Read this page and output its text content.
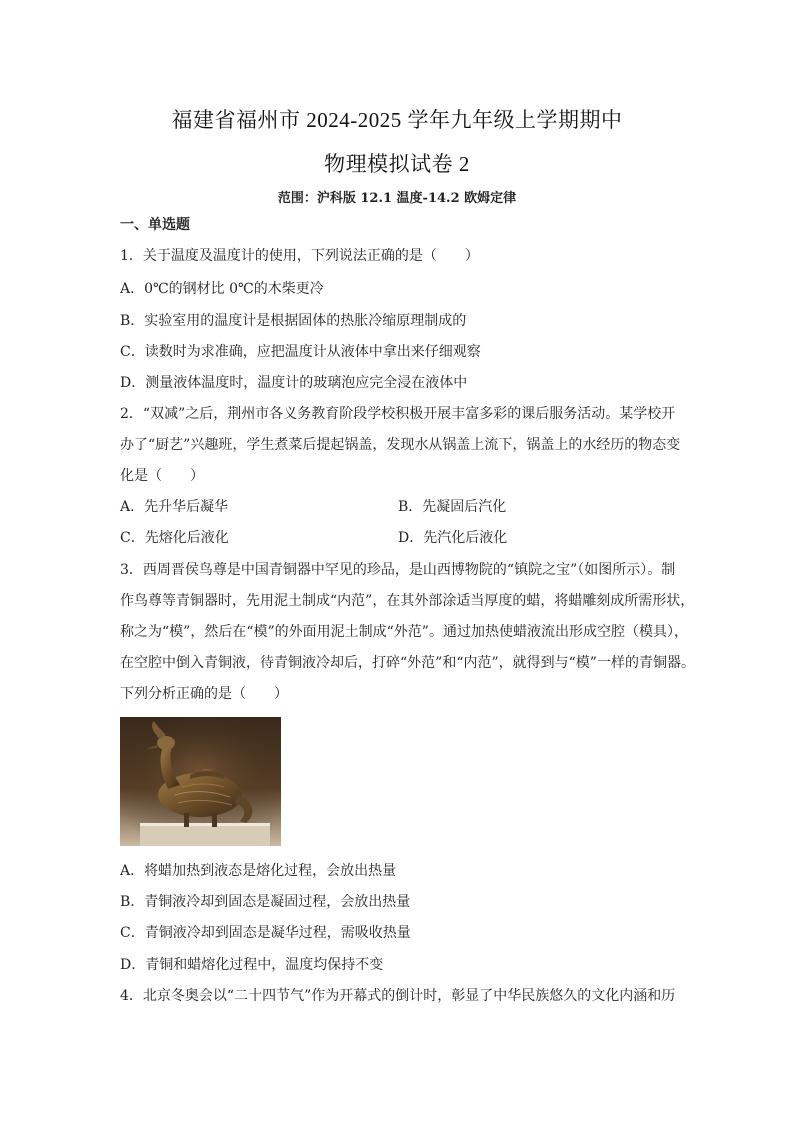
福建省福州市 2024-2025 学年九年级上学期期中
物理模拟试卷 2
范围：沪科版 12.1 温度-14.2 欧姆定律
一、单选题
1．关于温度及温度计的使用，下列说法正确的是（　　）
A．0℃的钢材比 0℃的木柴更冷
B．实验室用的温度计是根据固体的热胀冷缩原理制成的
C．读数时为求准确，应把温度计从液体中拿出来仔细观察
D．测量液体温度时，温度计的玻璃泡应完全浸在液体中
2．“双减”之后，荆州市各义务教育阶段学校积极开展丰富多彩的课后服务活动。某学校开
办了“厨艺”兴趣班，学生煮菜后提起锅盖，发现水从锅盖上流下，锅盖上的水经历的物态变
化是（　　）
A．先升华后凝华	B．先凝固后汽化
C．先熔化后液化	D．先汽化后液化
3．西周晋侯鸟尊是中国青铜器中罕见的珍品，是山西博物院的“镇院之宝”（如图所示）。制
作鸟尊等青铜器时，先用泥土制成“内范”，在其外部涂适当厚度的蜡，将蜡雕刻成所需形状，
称之为“模”，然后在“模”的外面用泥土制成“外范”。通过加热使蜡液流出形成空腔（模具），
在空腔中倒入青铜液，待青铜液冷却后，打碎“外范”和“内范”，就得到与“模”一样的青铜器。
下列分析正确的是（　　）
A．将蜡加热到液态是熔化过程，会放出热量
B．青铜液冷却到固态是凝固过程，会放出热量
C．青铜液冷却到固态是凝华过程，需吸收热量
D．青铜和蜡熔化过程中，温度均保持不变
4．北京冬奥会以“二十四节气”作为开幕式的倒计时，彰显了中华民族悠久的文化内涵和历
